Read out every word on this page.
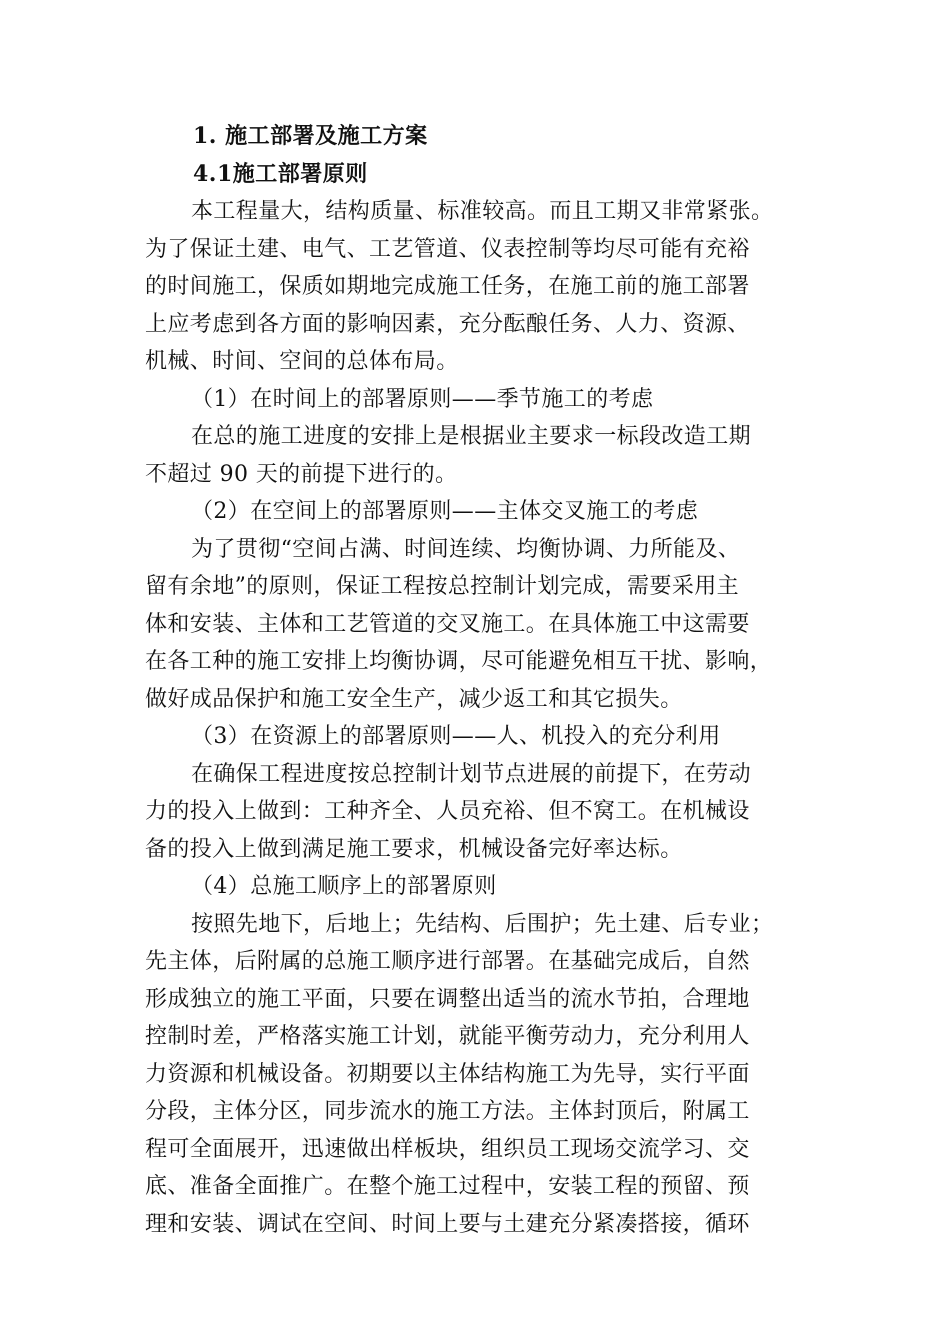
1. 施工部署及施工方案
4.1施工部署原则
本工程量大，结构质量、标准较高。而且工期又非常紧张。
为了保证土建、电气、工艺管道、仪表控制等均尽可能有充裕
的时间施工，保质如期地完成施工任务，在施工前的施工部署
上应考虑到各方面的影响因素，充分酝酿任务、人力、资源、
机械、时间、空间的总体布局。
（1）在时间上的部署原则——季节施工的考虑
在总的施工进度的安排上是根据业主要求一标段改造工期
不超过 90 天的前提下进行的。
（2）在空间上的部署原则——主体交叉施工的考虑
为了贯彻“空间占满、时间连续、均衡协调、力所能及、
留有余地”的原则，保证工程按总控制计划完成，需要采用主
体和安装、主体和工艺管道的交叉施工。在具体施工中这需要
在各工种的施工安排上均衡协调，尽可能避免相互干扰、影响，
做好成品保护和施工安全生产，减少返工和其它损失。
（3）在资源上的部署原则——人、机投入的充分利用
在确保工程进度按总控制计划节点进展的前提下，在劳动
力的投入上做到：工种齐全、人员充裕、但不窝工。在机械设
备的投入上做到满足施工要求，机械设备完好率达标。
（4）总施工顺序上的部署原则
按照先地下，后地上；先结构、后围护；先土建、后专业；
先主体，后附属的总施工顺序进行部署。在基础完成后，自然
形成独立的施工平面，只要在调整出适当的流水节拍，合理地
控制时差，严格落实施工计划，就能平衡劳动力，充分利用人
力资源和机械设备。初期要以主体结构施工为先导，实行平面
分段，主体分区，同步流水的施工方法。主体封顶后，附属工
程可全面展开，迅速做出样板块，组织员工现场交流学习、交
底、准备全面推广。在整个施工过程中，安装工程的预留、预
理和安装、调试在空间、时间上要与土建充分紧凑搭接，循环
